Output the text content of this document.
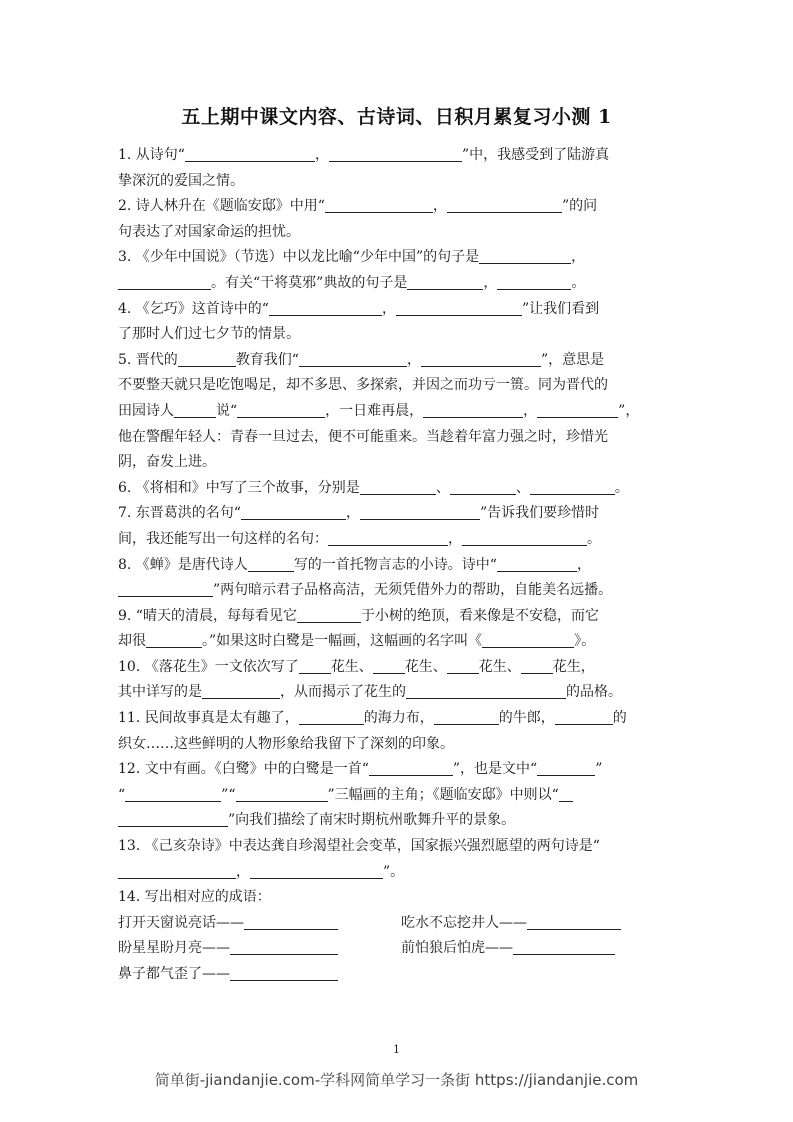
五上期中课文内容、古诗词、日积月累复习小测 1
1. 从诗句“	，	”中，我感受到了陆游真
挚深沉的爱国之情。
2. 诗人林升在《题临安邸》中用“	，	”的问
句表达了对国家命运的担忧。
3. 《少年中国说》（节选）中以龙比喻“少年中国”的句子是	，
。有关“干将莫邪”典故的句子是	，	。
4. 《乞巧》这首诗中的“	，	”让我们看到
了那时人们过七夕节的情景。
5. 晋代的	教育我们“	，	”，意思是
不要整天就只是吃饱喝足，却不多思、多探索，并因之而功亏一篑。同为晋代的
田园诗人	说“	，一日难再晨，	，	”，
他在警醒年轻人：青春一旦过去，便不可能重来。当趁着年富力强之时，珍惜光
阴，奋发上进。
6. 《将相和》中写了三个故事，分别是	、	、	。
7. 东晋葛洪的名句“	，	”告诉我们要珍惜时
间，我还能写出一句这样的名句：	，	。
8. 《蝉》是唐代诗人	写的一首托物言志的小诗。诗中“	，
”两句暗示君子品格高洁，无须凭借外力的帮助，自能美名远播。
9. “晴天的清晨，每每看见它	于小树的绝顶，看来像是不安稳，而它
却很	。”如果这时白鹭是一幅画，这幅画的名字叫《	》。
10. 《落花生》一文依次写了 花生、 花生、 花生、 花生，
其中详写的是	，从而揭示了花生的	的品格。
11. 民间故事真是太有趣了，	的海力布，	的牛郎，	的
织女……这些鲜明的人物形象给我留下了深刻的印象。
12. 文中有画。《白鹭》中的白鹭是一首“	”，也是文中“	”
“	”“	”三幅画的主角；《题临安邸》中则以“
”向我们描绘了南宋时期杭州歌舞升平的景象。
13. 《己亥杂诗》中表达龚自珍渴望社会变革，国家振兴强烈愿望的两句诗是“
，	”。
14. 写出相对应的成语：
打开天窗说亮话——	吃水不忘挖井人——
盼星星盼月亮——	前怕狼后怕虎——
鼻子都气歪了——
1
简单街-jiandanjie.com-学科网简单学习一条街 https://jiandanjie.com
